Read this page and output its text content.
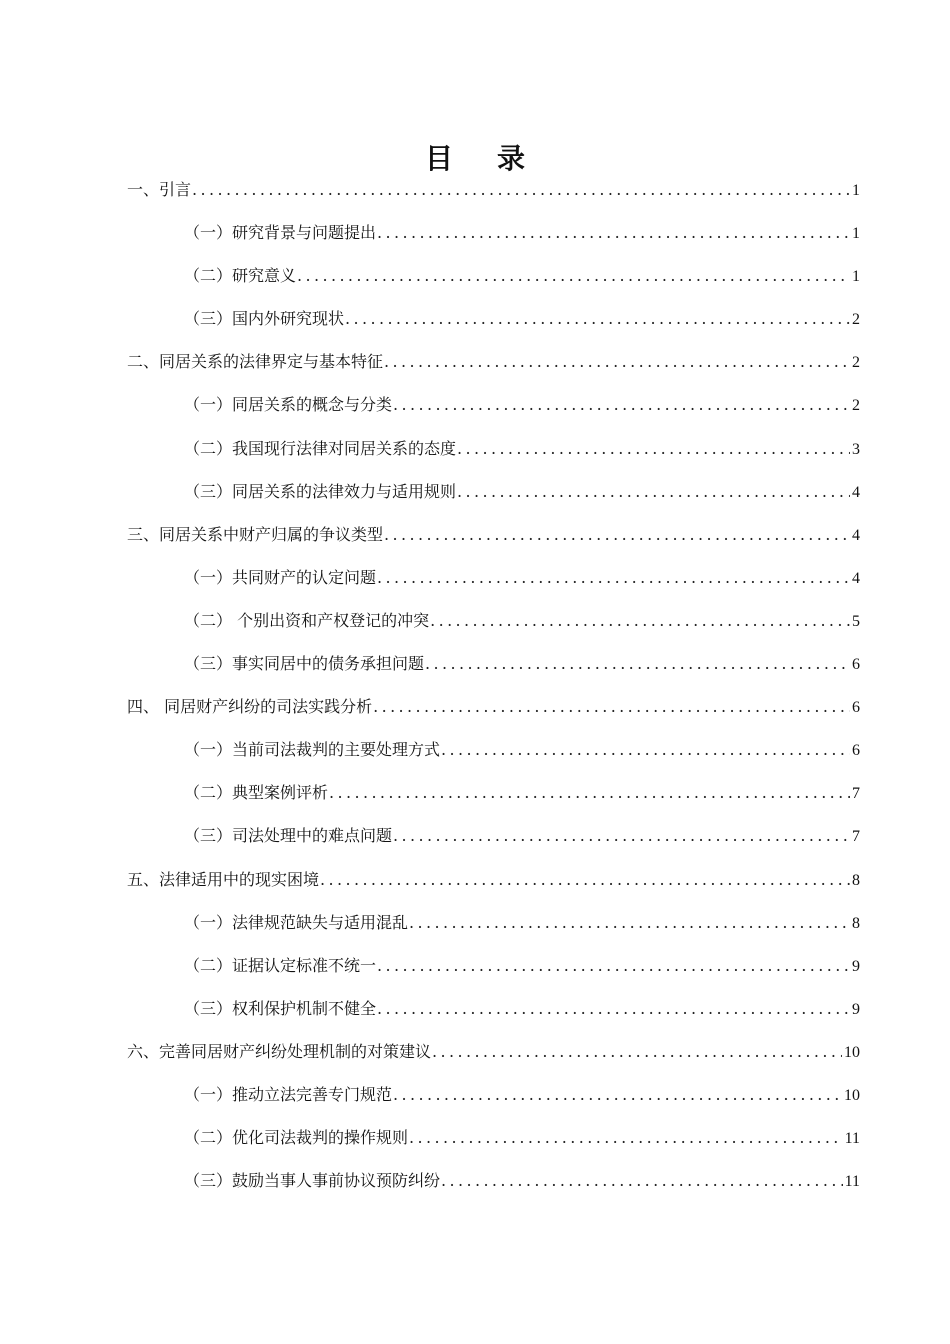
目录
一、引言 .....	1
（一）研究背景与问题提出 .....	1
（二）研究意义 .....	1
（三）国内外研究现状 .....	2
二、同居关系的法律界定与基本特征 .....	2
（一）同居关系的概念与分类 .....	2
（二）我国现行法律对同居关系的态度 .....	3
（三）同居关系的法律效力与适用规则 .....	4
三、同居关系中财产归属的争议类型 .....	4
（一）共同财产的认定问题 .....	4
（二） 个别出资和产权登记的冲突 .....	5
（三）事实同居中的债务承担问题 .....	6
四、 同居财产纠纷的司法实践分析 .....	6
（一）当前司法裁判的主要处理方式 .....	6
（二）典型案例评析 .....	7
（三）司法处理中的难点问题 .....	7
五、法律适用中的现实困境 .....	8
（一）法律规范缺失与适用混乱 .....	8
（二）证据认定标准不统一 .....	9
（三）权利保护机制不健全 .....	9
六、完善同居财产纠纷处理机制的对策建议 .....	10
（一）推动立法完善专门规范 .....	10
（二）优化司法裁判的操作规则 .....	11
（三）鼓励当事人事前协议预防纠纷 .....	11
